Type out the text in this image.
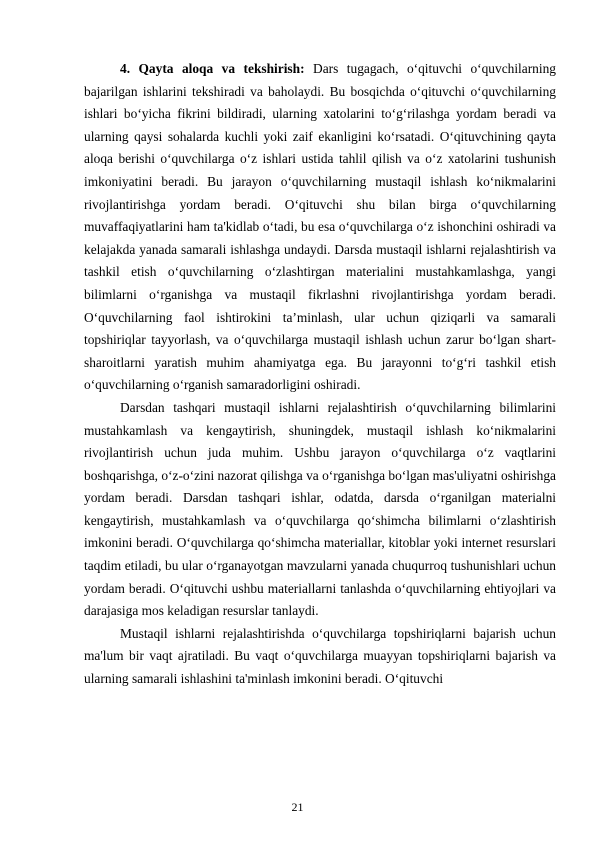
4. Qayta aloqa va tekshirish: Dars tugagach, o‘qituvchi o‘quvchilarning bajarilgan ishlarini tekshiradi va baholaydi. Bu bosqichda o‘qituvchi o‘quvchilarning ishlari bo‘yicha fikrini bildiradi, ularning xatolarini to‘g‘rilashga yordam beradi va ularning qaysi sohalarda kuchli yoki zaif ekanligini ko‘rsatadi. O‘qituvchining qayta aloqa berishi o‘quvchilarga o‘z ishlari ustida tahlil qilish va o‘z xatolarini tushunish imkoniyatini beradi. Bu jarayon o‘quvchilarning mustaqil ishlash ko‘nikmalarini rivojlantirishga yordam beradi. O‘qituvchi shu bilan birga o‘quvchilarning muvaffaqiyatlarini ham ta'kidlab o‘tadi, bu esa o‘quvchilarga o‘z ishonchini oshiradi va kelajakda yanada samarali ishlashga undaydi. Darsda mustaqil ishlarni rejalashtirish va tashkil etish o‘quvchilarning o‘zlashtirgan materialini mustahkamlashga, yangi bilimlarni o‘rganishga va mustaqil fikrlashni rivojlantirishga yordam beradi. O‘quvchilarning faol ishtirokini ta’minlash, ular uchun qiziqarli va samarali topshiriqlar tayyorlash, va o‘quvchilarga mustaqil ishlash uchun zarur bo‘lgan shart-sharoitlarni yaratish muhim ahamiyatga ega. Bu jarayonni to‘g‘ri tashkil etish o‘quvchilarning o‘rganish samaradorligini oshiradi.

Darsdan tashqari mustaqil ishlarni rejalashtirish o‘quvchilarning bilimlarini mustahkamlash va kengaytirish, shuningdek, mustaqil ishlash ko‘nikmalarini rivojlantirish uchun juda muhim. Ushbu jarayon o‘quvchilarga o‘z vaqtlarini boshqarishga, o‘z-o‘zini nazorat qilishga va o‘rganishga bo‘lgan mas'uliyatni oshirishga yordam beradi. Darsdan tashqari ishlar, odatda, darsda o‘rganilgan materialni kengaytirish, mustahkamlash va o‘quvchilarga qo‘shimcha bilimlarni o‘zlashtirish imkonini beradi. O‘quvchilarga qo‘shimcha materiallar, kitoblar yoki internet resurslari taqdim etiladi, bu ular o‘rganayotgan mavzularni yanada chuqurroq tushunishlari uchun yordam beradi. O‘qituvchi ushbu materiallarni tanlashda o‘quvchilarning ehtiyojlari va darajasiga mos keladigan resurslar tanlaydi.

Mustaqil ishlarni rejalashtirishda o‘quvchilarga topshiriqlarni bajarish uchun ma'lum bir vaqt ajratiladi. Bu vaqt o‘quvchilarga muayyan topshiriqlarni bajarish va ularning samarali ishlashini ta'minlash imkonini beradi. O‘qituvchi

21
